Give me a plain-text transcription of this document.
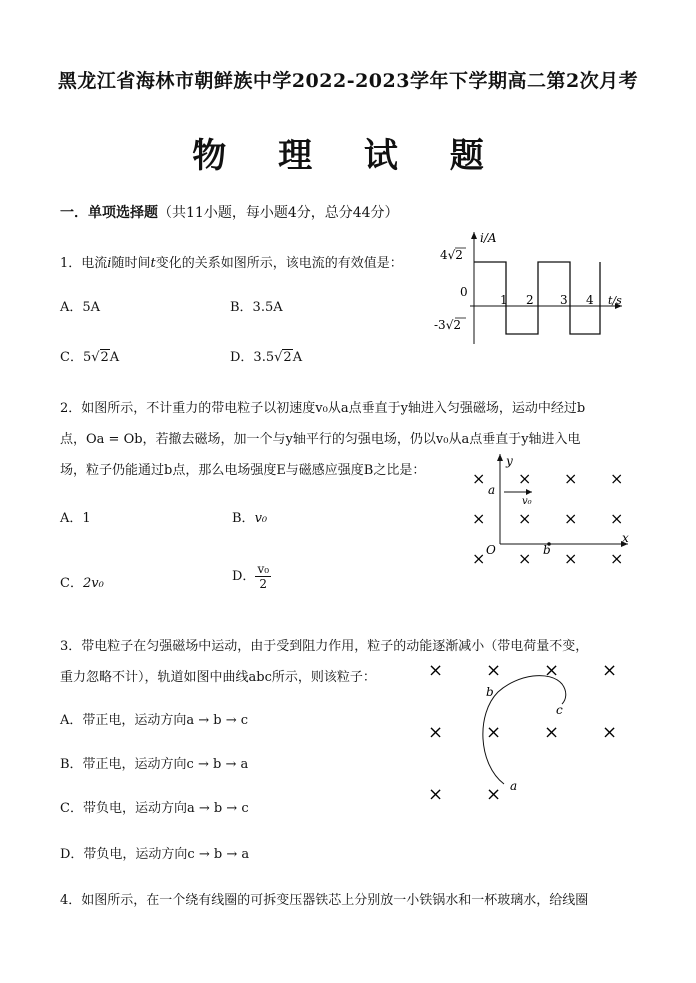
黑龙江省海林市朝鲜族中学2022-2023学年下学期高二第2次月考
物 理 试 题
一．单项选择题（共11小题，每小题4分，总分44分）
1．电流i随时间t变化的关系如图所示，该电流的有效值是：
A．5A	B．3.5A
C．5√2A	D．3.5√2A
i/A
t/s
4√2
-3√2
0
1 2 3 4
2．如图所示，不计重力的带电粒子以初速度v₀从a点垂直于y轴进入匀强磁场，运动中经过b
点，Oa = Ob，若撤去磁场，加一个与y轴平行的匀强电场，仍以v₀从a点垂直于y轴进入电
场，粒子仍能通过b点，那么电场强度E与磁感应强度B之比是：
A．1	B．v₀
C．2v₀	D． $\frac{\text{v₀}}{2}$
y
x
a
b
O
v₀
× × × ×
× × × ×
× × × ×
3．带电粒子在匀强磁场中运动，由于受到阻力作用，粒子的动能逐渐减小（带电荷量不变，
重力忽略不计），轨道如图中曲线abc所示，则该粒子：
A．带正电，运动方向a → b → c
B．带正电，运动方向c → b → a
C．带负电，运动方向a → b → c
D．带负电，运动方向c → b → a
× × × ×
× × × ×
× × a
b
c
4．如图所示，在一个绕有线圈的可拆变压器铁芯上分别放一小铁锅水和一杯玻璃水，给线圈
